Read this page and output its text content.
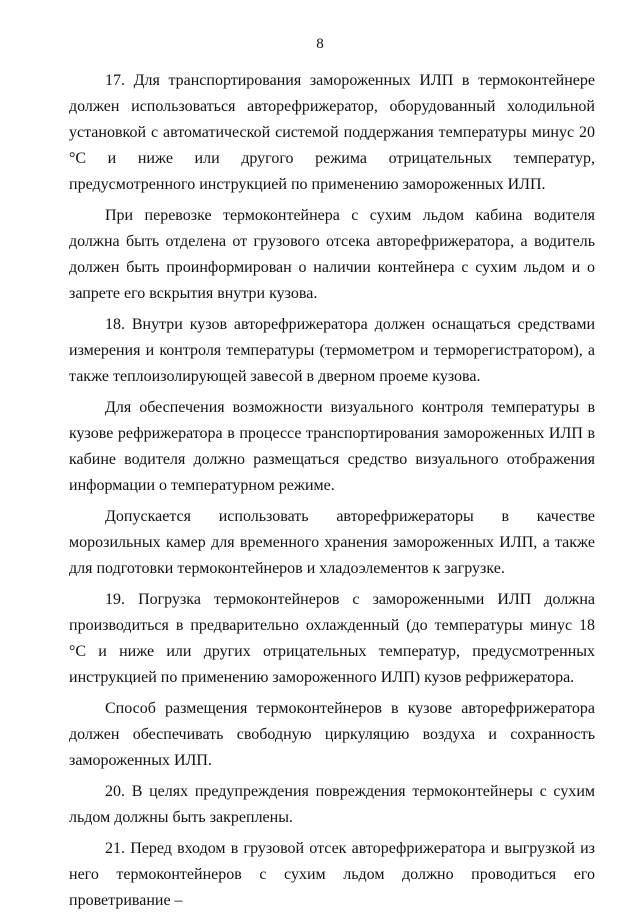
8

17. Для транспортирования замороженных ИЛП в термоконтейнере должен использоваться авторефрижератор, оборудованный холодильной установкой с автоматической системой поддержания температуры минус 20 °С и ниже или другого режима отрицательных температур, предусмотренного инструкцией по применению замороженных ИЛП.

При перевозке термоконтейнера с сухим льдом кабина водителя должна быть отделена от грузового отсека авторефрижератора, а водитель должен быть проинформирован о наличии контейнера с сухим льдом и о запрете его вскрытия внутри кузова.

18. Внутри кузов авторефрижератора должен оснащаться средствами измерения и контроля температуры (термометром и терморегистратором), а также теплоизолирующей завесой в дверном проеме кузова.

Для обеспечения возможности визуального контроля температуры в кузове рефрижератора в процессе транспортирования замороженных ИЛП в кабине водителя должно размещаться средство визуального отображения информации о температурном режиме.

Допускается использовать авторефрижераторы в качестве морозильных камер для временного хранения замороженных ИЛП, а также для подготовки термоконтейнеров и хладоэлементов к загрузке.

19. Погрузка термоконтейнеров с замороженными ИЛП должна производиться в предварительно охлажденный (до температуры минус 18 °С и ниже или других отрицательных температур, предусмотренных инструкцией по применению замороженного ИЛП) кузов рефрижератора.

Способ размещения термоконтейнеров в кузове авторефрижератора должен обеспечивать свободную циркуляцию воздуха и сохранность замороженных ИЛП.

20. В целях предупреждения повреждения термоконтейнеры с сухим льдом должны быть закреплены.

21. Перед входом в грузовой отсек авторефрижератора и выгрузкой из него термоконтейнеров с сухим льдом должно проводиться его проветривание –
